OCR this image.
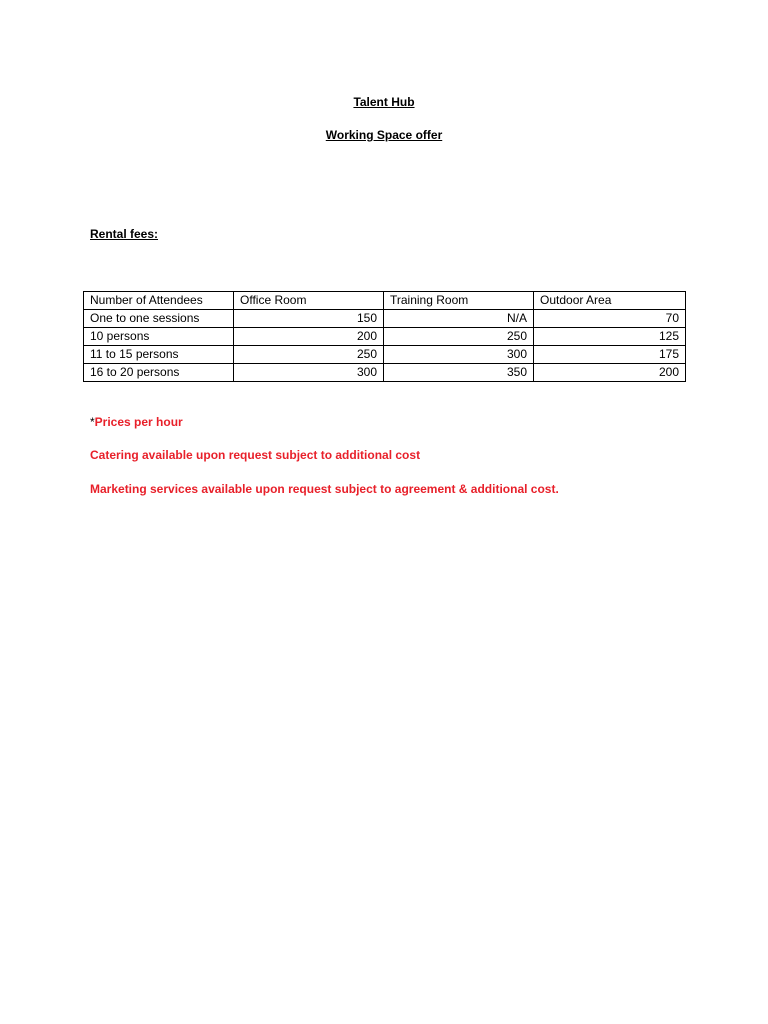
Talent Hub
Working Space offer
Rental fees:
Number of Attendees	Office Room	Training Room	Outdoor Area
One to one sessions	150	N/A	70
10 persons	200	250	125
11 to 15 persons	250	300	175
16 to 20 persons	300	350	200
*Prices per hour
Catering available upon request subject to additional cost
Marketing services available upon request subject to agreement & additional cost.
